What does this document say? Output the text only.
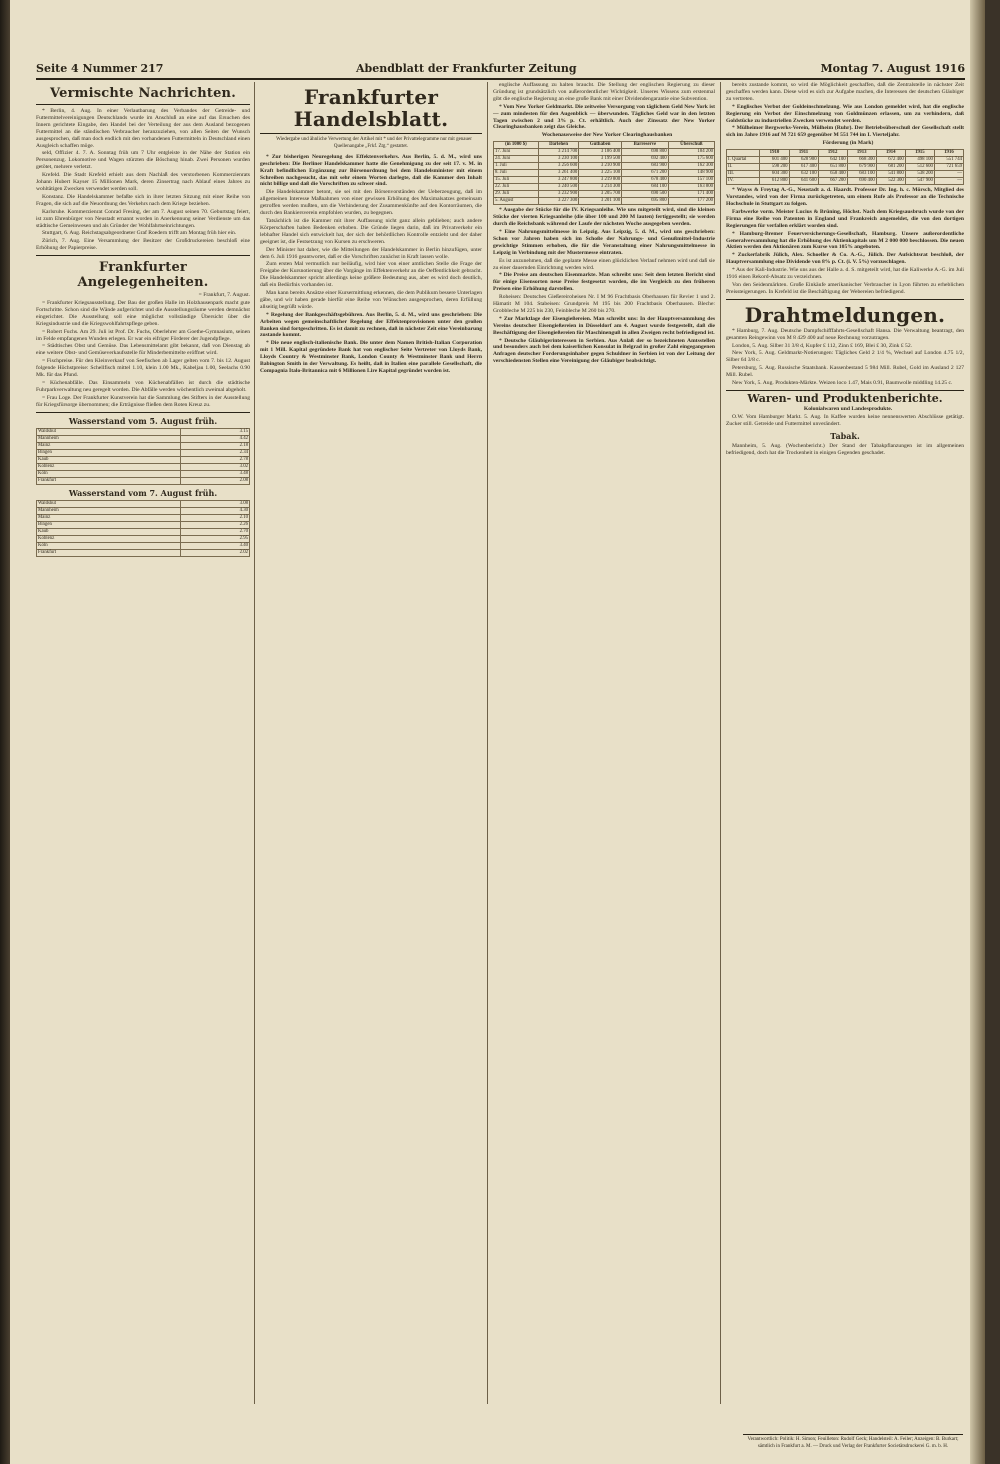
Seite 4 Nummer 217	Abendblatt der Frankfurter Zeitung	Montag 7. August 1916
Vermischte Nachrichten.

* Berlin, 4. Aug. In einer Verlautbarung des Verbandes der Getreide- und Futtermittelvereinigungen Deutschlands wurde im Anschluß an eine auf das Ersuchen des Innern gerichtete Eingabe, den Handel bei der Verteilung der aus dem Ausland bezogenen Futtermittel an die ständischen Verbraucher heranzuziehen, von allen Seiten der Wunsch ausgesprochen, daß man doch endlich mit den vorhandenen Futtermitteln in Deutschland einen Ausgleich schaffen möge.

seld, Offizier 4. 7. A. Sonntag früh um 7 Uhr entgleiste in der Nähe der Station ein Personenzug. Lokomotive und Wagen stürzten die Böschung hinab. Zwei Personen wurden getötet, mehrere verletzt.

Krefeld. Die Stadt Krefeld erhielt aus dem Nachlaß des verstorbenen Kommerzienrats Johann Hubert Kayser 15 Millionen Mark, deren Zinsertrag nach Ablauf eines Jahres zu wohltätigen Zwecken verwendet werden soll.

Konstanz. Die Handelskammer befaßte sich in ihrer letzten Sitzung mit einer Reihe von Fragen, die sich auf die Neuordnung des Verkehrs nach dem Kriege beziehen.

Karlsruhe. Kommerzienrat Conrad Fresing, der am 7. August seinen 70. Geburtstag feiert, ist zum Ehrenbürger von Neustadt ernannt worden in Anerkennung seiner Verdienste um das städtische Gemeinwesen und als Gründer der Wohlfahrtseinrichtungen.

Stuttgart, 6. Aug. Reichstagsabgeordneter Graf Roedern trifft am Montag früh hier ein.

Zürich, 7. Aug. Eine Versammlung der Besitzer der Großdruckereien beschloß eine Erhöhung der Papierpreise.

Frankfurter Angelegenheiten.

= Frankfurt, 7. August.

= Frankfurter Kriegsausstellung. Der Bau der großen Halle im Holzhausenpark macht gute Fortschritte. Schon sind die Wände aufgerichtet und die Ausstellungsräume werden demnächst eingerichtet. Die Ausstellung soll eine möglichst vollständige Übersicht über die Kriegsindustrie und die Kriegswohlfahrtspflege geben.

= Robert Fuchs. Am 29. Juli ist Prof. Dr. Fuchs, Oberlehrer am Goethe-Gymnasium, seinen im Felde empfangenen Wunden erlegen. Er war ein eifriger Förderer der Jugendpflege.

= Städtisches Obst und Gemüse. Das Lebensmittelamt gibt bekannt, daß von Dienstag ab eine weitere Obst- und Gemüseverkaufsstelle für Minderbemittelte eröffnet wird.

= Fischpreise. Für den Kleinverkauf von Seefischen ab Lager gelten vom 7. bis 12. August folgende Höchstpreise: Schellfisch mittel 1.10, klein 1.00 Mk., Kabeljau 1.00, Seelachs 0.90 Mk. für das Pfund.

= Küchenabfälle. Das Einsammeln von Küchenabfällen ist durch die städtische Fuhrparkverwaltung neu geregelt worden. Die Abfälle werden wöchentlich zweimal abgeholt.

= Frau Loge. Der Frankfurter Kunstverein hat die Sammlung des Stifters in der Ausstellung für Kriegsfürsorge übernommen; die Erträgnisse fließen dem Roten Kreuz zu.

Wasserstand vom 5. August früh.
Waldshut	3.15
Mannheim	4.42
Mainz	2.18
Bingen	2.34
Kaub	2.78
Koblenz	3.02
Köln	3.48
Frankfurt	2.08
Wasserstand vom 7. August früh.
Waldshut	3.08
Mannheim	4.30
Mainz	2.10
Bingen	2.26
Kaub	2.70
Koblenz	2.95
Köln	3.40
Frankfurt	2.02
Frankfurter Handelsblatt.

Wiedergabe und ähnliche Verwertung der Artikel mit * und der Privattelegramme nur mit genauer Quellenangabe „Frkf. Ztg.“ gestattet.

* Zur bisherigen Neuregelung des Effektenverkehrs. Aus Berlin, 5. d. M., wird uns geschrieben: Die Berliner Handelskammer hatte die Genehmigung zu der seit 17. v. M. in Kraft befindlichen Ergänzung zur Börsenordnung bei dem Handelsminister mit einem Schreiben nachgesucht, das mit sehr einem Worten darlegte, daß die Kammer den Inhalt nicht billige und daß die Vorschriften zu schwer sind.

Die Handelskammer betont, sie sei mit den Börsenvorständen der Ueberzeugung, daß im allgemeinen Interesse Maßnahmen von einer gewissen Erhöhung des Maximalsatzes gemeinsam getroffen werden mußten, um die Verhinderung der Zusammenkünfte auf den Kontorräumen, die durch den Bankiersverein empfohlen wurden, zu begegnen.

Tatsächlich ist die Kammer mit ihrer Auffassung nicht ganz allein geblieben; auch andere Körperschaften haben Bedenken erhoben. Die Gründe liegen darin, daß im Privatverkehr ein lebhafter Handel sich entwickelt hat, der sich der behördlichen Kontrolle entzieht und der daher geeignet ist, die Festsetzung von Kursen zu erschweren.

Der Minister hat daher, wie die Mitteilungen der Handelskammer in Berlin hinzufügen, unter dem 6. Juli 1916 geantwortet, daß er die Vorschriften zunächst in Kraft lassen wolle.

Zum ersten Mal vermutlich nur beiläufig, wird hier von einer amtlichen Stelle die Frage der Freigabe der Kursnotierung über die Vorgänge im Effektenverkehr an die Oeffentlichkeit gebracht. Die Handelskammer spricht allerdings keine größere Bedeutung aus, aber es wird doch deutlich, daß ein Bedürfnis vorhanden ist.

Man kann bereits Ansätze einer Kursermittlung erkennen, die dem Publikum bessere Unterlagen gäbe, und wir haben gerade hierfür eine Reihe von Wünschen ausgesprochen, deren Erfüllung allseitig begrüßt würde.

* Regelung der Bankgeschäftsgebühren. Aus Berlin, 5. d. M., wird uns geschrieben: Die Arbeiten wegen gemeinschaftlicher Regelung der Effektenprovisionen unter den großen Banken sind fortgeschritten. Es ist damit zu rechnen, daß in nächster Zeit eine Vereinbarung zustande kommt.

* Die neue englisch-italienische Bank. Die unter dem Namen British-Italian Corporation mit 1 Mill. Kapital gegründete Bank hat von englischer Seite Vertreter von Lloyds Bank, Lloyds Country & Westminster Bank, London County & Westminster Bank und Herrn Babington Smith in der Verwaltung. Es heißt, daß in Italien eine parallele Gesellschaft, die Compagnia Italo-Britannica mit 6 Millionen Lire Kapital gegründet worden ist.

englische Auffassung zu halten braucht. Die Stellung der englischen Regierung zu dieser Gründung ist grundsätzlich von außerordentlicher Wichtigkeit. Unseres Wissens zum erstenmal gibt die englische Regierung an eine große Bank mit einer Dividendengarantie eine Subvention.

* Vom New Yorker Geldmarkt. Die zeitweise Versorgung von täglichem Geld New York ist — zum mindesten für den Augenblick — überwunden. Tägliches Geld war in den letzten Tagen zwischen 2 und 3% p. Ct. erhältlich. Auch der Zinssatz der New Yorker Clearinghausbanken zeigt das Gleiche.

Wochenausweise der New Yorker Clearinghausbanken

(in 1000 $)	Darlehen	Guthaben	Barreserve	Überschuß
17. Juni	3 214 700	3 186 400	698 800	184 200
24. Juni	3 230 100	3 199 500	692 400	175 600
1. Juli	3 256 600	3 210 900	683 900	162 300
8. Juli	3 261 400	3 225 100	671 200	148 900
15. Juli	3 247 800	3 219 800	678 400	157 100
22. Juli	3 240 500	3 214 300	684 100	163 800
29. Juli	3 232 900	3 205 700	690 500	171 400
5. August	3 227 300	3 201 100	695 800	177 200

* Ausgabe der Stücke für die IV. Kriegsanleihe. Wie uns mitgeteilt wird, sind die kleinen Stücke der vierten Kriegsanleihe (die über 100 und 200 M lauten) fertiggestellt; sie werden durch die Reichsbank während der Laufe der nächsten Woche ausgegeben werden.

* Eine Nahrungsmittelmesse in Leipzig. Aus Leipzig, 5. d. M., wird uns geschrieben: Schon vor Jahren haben sich im Schoße der Nahrungs- und Genußmittel-Industrie gewichtige Stimmen erhoben, die für die Veranstaltung einer Nahrungsmittelmesse in Leipzig in Verbindung mit der Mustermesse eintraten.

Es ist anzunehmen, daß die geplante Messe einen glücklichen Verlauf nehmen wird und daß sie zu einer dauernden Einrichtung werden wird.

* Die Preise am deutschen Eisenmarkte. Man schreibt uns: Seit dem letzten Bericht sind für einige Eisensorten neue Preise festgesetzt worden, die im Vergleich zu den früheren Preisen eine Erhöhung darstellen.

Roheisen: Deutsches Gießereiroheisen Nr. I M 96 Frachtbasis Oberhausen für Revier 1 und 2. Hämatit M 104. Stabeisen: Grundpreis M 195 bis 200 Frachtbasis Oberhausen. Bleche: Grobbleche M 225 bis 230, Feinbleche M 260 bis 270.

* Zur Marktlage der Eisengießereien. Man schreibt uns: In der Hauptversammlung des Vereins deutscher Eisengießereien in Düsseldorf am 4. August wurde festgestellt, daß die Beschäftigung der Eisengießereien für Maschinenguß in allen Zweigen recht befriedigend ist.

* Deutsche Gläubigerinteressen in Serbien. Aus Anlaß der so bezeichneten Amtsstellen und besonders auch bei dem kaiserlichen Konsulat in Belgrad in großer Zahl eingegangenen Anfragen deutscher Forderungsinhaber gegen Schuldner in Serbien ist von der Leitung der verschiedensten Stellen eine Vereinigung der Gläubiger beabsichtigt.

bereits zustande kommt, so wird die Möglichkeit geschaffen, daß die Zentralstelle in nächster Zeit geschaffen werden kann. Diese wird es sich zur Aufgabe machen, die Interessen der deutschen Gläubiger zu vertreten.

* Englisches Verbot der Goldeinschmelzung. Wie aus London gemeldet wird, hat die englische Regierung ein Verbot der Einschmelzung von Goldmünzen erlassen, um zu verhindern, daß Goldstücke zu industriellen Zwecken verwendet werden.

* Mülheimer Bergwerks-Verein, Mülheim (Ruhr). Der Betriebsüberschuß der Gesellschaft stellt sich im Jahre 1916 auf M 721 659 gegenüber M 551 744 im I. Vierteljahr.

Förderung (in Mark)

	1910	1911	1912	1913	1914	1915	1916
I. Quartal	601 400	628 900	642 100	668 300	672 400	498 100	551 744
II.	598 200	617 400	651 800	679 900	681 200	512 600	721 659
III.	604 300	632 100	658 400	683 100	541 800	538 200	—
IV.	612 800	641 600	667 200	690 400	522 300	547 900	—

* Wayss & Freytag A.-G., Neustadt a. d. Haardt. Professor Dr. Ing. h. c. Mörsch, Mitglied des Vorstandes, wird von der Firma zurückgetreten, um einem Rufe als Professor an die Technische Hochschule in Stuttgart zu folgen.

Farbwerke vorm. Meister Lucius & Brüning, Höchst. Nach dem Kriegsausbruch wurde von der Firma eine Reihe von Patenten in England und Frankreich angemeldet, die von den dortigen Regierungen für verfallen erklärt worden sind.

* Hamburg-Bremer Feuerversicherungs-Gesellschaft, Hamburg. Unsere außerordentliche Generalversammlung hat die Erhöhung des Aktienkapitals um M 2 000 000 beschlossen. Die neuen Aktien werden den Aktionären zum Kurse von 105% angeboten.

* Zuckerfabrik Jülich, Alex. Schoeller & Co. A.-G., Jülich. Der Aufsichtsrat beschloß, der Hauptversammlung eine Dividende von 8% p. Ct. (i. V. 5%) vorzuschlagen.

* Aus der Kali-Industrie. Wie uns aus der Halle a. d. S. mitgeteilt wird, hat die Kaliwerke A.-G. im Juli 1916 einen Rekord-Absatz zu verzeichnen.

Von den Seidenmärkten. Große Einkäufe amerikanischer Verbraucher in Lyon führten zu erheblichen Preissteigerungen. In Krefeld ist die Beschäftigung der Webereien befriedigend.

Drahtmeldungen.

* Hamburg, 7. Aug. Deutsche Dampfschifffahrts-Gesellschaft Hansa. Die Verwaltung beantragt, den gesamten Reingewinn von M 8 429 400 auf neue Rechnung vorzutragen.

London, 5. Aug. Silber 31 3/8 d, Kupfer £ 112, Zinn £ 169, Blei £ 30, Zink £ 52.

New York, 5. Aug. Geldmarkt-Notierungen: Tägliches Geld 2 1/4 %, Wechsel auf London 4.75 1/2, Silber 64 3/8 c.

Petersburg, 5. Aug. Russische Staatsbank. Kassenbestand 5 984 Mill. Rubel, Gold im Ausland 2 127 Mill. Rubel.

New York, 5. Aug. Produkten-Märkte. Weizen loco 1.47, Mais 0.91, Baumwolle middling 14.25 c.

Waren- und Produktenberichte.

Kolonialwaren und Landesprodukte.

O.W. Vom Hamburger Markt. 5. Aug. In Kaffee wurden keine nennenswerten Abschlüsse getätigt. Zucker still. Getreide und Futtermittel unverändert.

Tabak.

Mannheim, 5. Aug. (Wochenbericht.) Der Stand der Tabakpflanzungen ist im allgemeinen befriedigend, doch hat die Trockenheit in einigen Gegenden geschadet.

Verantwortlich: Politik: H. Simon; Feuilleton: Rudolf Geck; Handelsteil: A. Feiler; Anzeigen: B. Burkart; sämtlich in Frankfurt a. M. — Druck und Verlag der Frankfurter Societätsdruckerei G. m. b. H.
